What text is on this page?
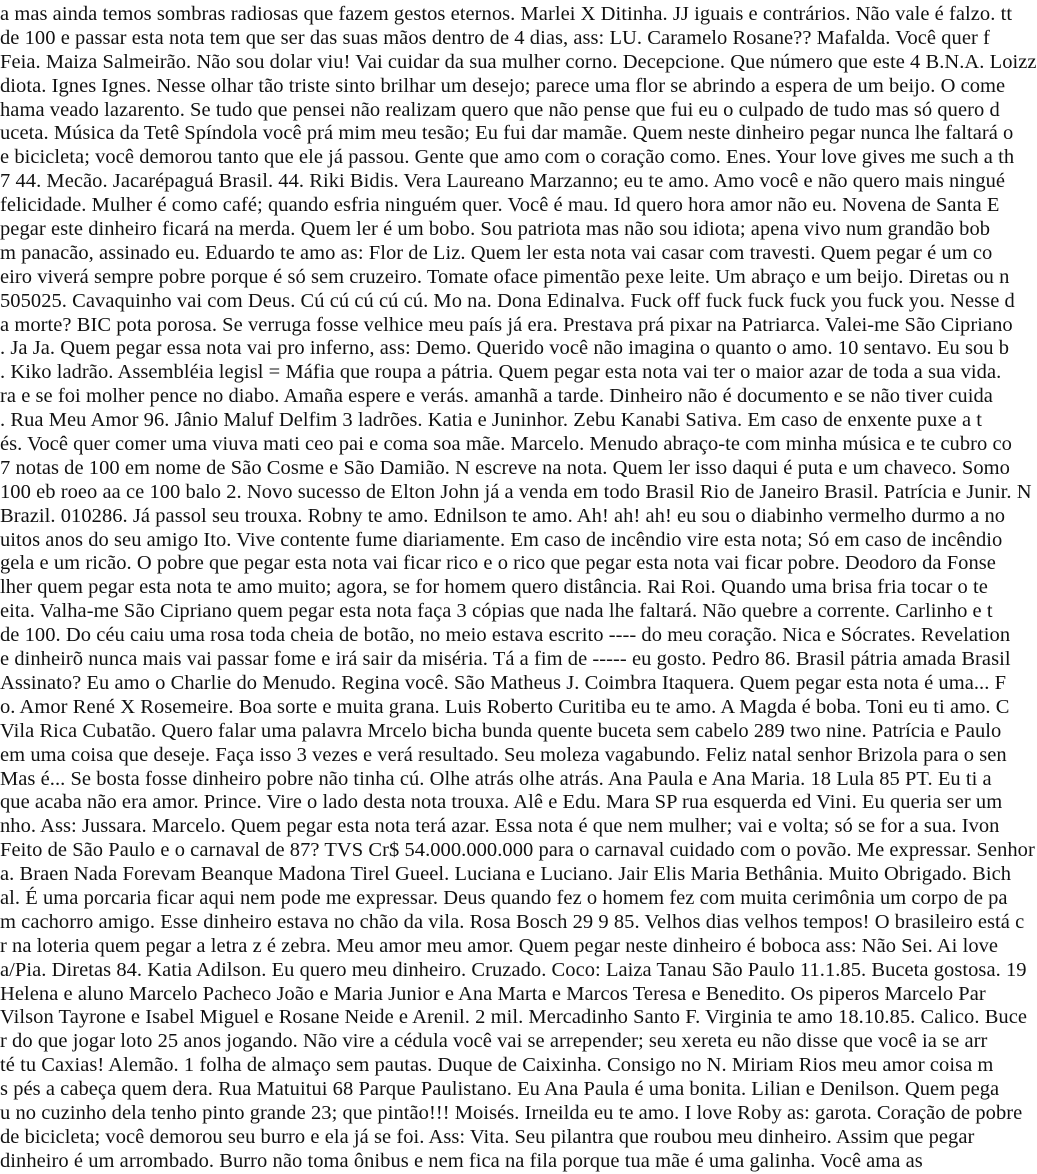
a mas ainda temos sombras radiosas que fazem gestos eternos. Marlei X Ditinha. JJ iguais e contrários. Não vale é falzo. tt
de 100 e passar esta nota tem que ser das suas mãos dentro de 4 dias, ass: LU. Caramelo Rosane?? Mafalda. Você quer f
Feia. Maiza Salmeirão. Não sou dolar viu! Vai cuidar da sua mulher corno. Decepcione. Que número que este 4 B.N.A. Loizz
diota. Ignes Ignes. Nesse olhar tão triste sinto brilhar um desejo; parece uma flor se abrindo a espera de um beijo. O come
hama veado lazarento. Se tudo que pensei não realizam quero que não pense que fui eu o culpado de tudo mas só quero d
uceta. Música da Tetê Spíndola você prá mim meu tesão; Eu fui dar mamãe. Quem neste dinheiro pegar nunca lhe faltará o
e bicicleta; você demorou tanto que ele já passou. Gente que amo com o coração como. Enes. Your love gives me such a th
7 44. Mecão. Jacarépaguá Brasil. 44. Riki Bidis. Vera Laureano Marzanno; eu te amo. Amo você e não quero mais ningué
felicidade. Mulher é como café; quando esfria ninguém quer. Você é mau. Id quero hora amor não eu. Novena de Santa E
pegar este dinheiro ficará na merda. Quem ler é um bobo. Sou patriota mas não sou idiota; apena vivo num grandão bob
m panacão, assinado eu. Eduardo te amo as: Flor de Liz. Quem ler esta nota vai casar com travesti. Quem pegar é um co
eiro viverá sempre pobre porque é só sem cruzeiro. Tomate oface pimentão pexe leite. Um abraço e um beijo. Diretas ou n
505025. Cavaquinho vai com Deus. Cú cú cú cú cú. Mo na. Dona Edinalva. Fuck off fuck fuck fuck you fuck you. Nesse d
a morte? BIC pota porosa. Se verruga fosse velhice meu país já era. Prestava prá pixar na Patriarca. Valei-me São Cipriano
. Ja Ja. Quem pegar essa nota vai pro inferno, ass: Demo. Querido você não imagina o quanto o amo. 10 sentavo. Eu sou b
. Kiko ladrão. Assembléia legisl = Máfia que roupa a pátria. Quem pegar esta nota vai ter o maior azar de toda a sua vida.
ra e se foi molher pence no diabo. Amaña espere e verás. amanhã a tarde. Dinheiro não é documento e se não tiver cuida
. Rua Meu Amor 96. Jânio Maluf Delfim 3 ladrões. Katia e Juninhor. Zebu Kanabi Sativa. Em caso de enxente puxe a t
és. Você quer comer uma viuva mati ceo pai e coma soa mãe. Marcelo. Menudo abraço-te com minha música e te cubro co
7 notas de 100 em nome de São Cosme e São Damião. N escreve na nota. Quem ler isso daqui é puta e um chaveco. Somo
100 eb roeo aa ce 100 balo 2. Novo sucesso de Elton John já a venda em todo Brasil Rio de Janeiro Brasil. Patrícia e Junir. N
Brazil. 010286. Já passol seu trouxa. Robny te amo. Ednilson te amo. Ah! ah! ah! eu sou o diabinho vermelho durmo a no
uitos anos do seu amigo Ito. Vive contente fume diariamente. Em caso de incêndio vire esta nota; Só em caso de incêndio
gela e um ricão. O pobre que pegar esta nota vai ficar rico e o rico que pegar esta nota vai ficar pobre. Deodoro da Fonse
lher quem pegar esta nota te amo muito; agora, se for homem quero distância. Rai Roi. Quando uma brisa fria tocar o te
eita. Valha-me São Cipriano quem pegar esta nota faça 3 cópias que nada lhe faltará. Não quebre a corrente. Carlinho e t
de 100. Do céu caiu uma rosa toda cheia de botão, no meio estava escrito ---- do meu coração. Nica e Sócrates. Revelation
e dinheirõ nunca mais vai passar fome e irá sair da miséria. Tá a fim de ----- eu gosto. Pedro 86. Brasil pátria amada Brasil
Assinato? Eu amo o Charlie do Menudo. Regina você. São Matheus J. Coimbra Itaquera. Quem pegar esta nota é uma... F
o. Amor René X Rosemeire. Boa sorte e muita grana. Luis Roberto Curitiba eu te amo. A Magda é boba. Toni eu ti amo. C
Vila Rica Cubatão. Quero falar uma palavra Mrcelo bicha bunda quente buceta sem cabelo 289 two nine. Patrícia e Paulo
em uma coisa que deseje. Faça isso 3 vezes e verá resultado. Seu moleza vagabundo. Feliz natal senhor Brizola para o sen
Mas é... Se bosta fosse dinheiro pobre não tinha cú. Olhe atrás olhe atrás. Ana Paula e Ana Maria. 18 Lula 85 PT. Eu ti a
que acaba não era amor. Prince. Vire o lado desta nota trouxa. Alê e Edu. Mara SP rua esquerda ed Vini. Eu queria ser um
nho. Ass: Jussara. Marcelo. Quem pegar esta nota terá azar. Essa nota é que nem mulher; vai e volta; só se for a sua. Ivon
Feito de São Paulo e o carnaval de 87? TVS Cr$ 54.000.000.000 para o carnaval cuidado com o povão. Me expressar. Senhor
a. Braen Nada Forevam Beanque Madona Tirel Gueel. Luciana e Luciano. Jair Elis Maria Bethânia. Muito Obrigado. Bich
al. É uma porcaria ficar aqui nem pode me expressar. Deus quando fez o homem fez com muita cerimônia um corpo de pa
m cachorro amigo. Esse dinheiro estava no chão da vila. Rosa Bosch 29 9 85. Velhos dias velhos tempos! O brasileiro está c
r na loteria quem pegar a letra z é zebra. Meu amor meu amor. Quem pegar neste dinheiro é boboca ass: Não Sei. Ai love
a/Pia. Diretas 84. Katia Adilson. Eu quero meu dinheiro. Cruzado. Coco: Laiza Tanau São Paulo 11.1.85. Buceta gostosa. 19
Helena e aluno Marcelo Pacheco João e Maria Junior e Ana Marta e Marcos Teresa e Benedito. Os piperos Marcelo Par
Vilson Tayrone e Isabel Miguel e Rosane Neide e Arenil. 2 mil. Mercadinho Santo F. Virginia te amo 18.10.85. Calico. Buce
r do que jogar loto 25 anos jogando. Não vire a cédula você vai se arrepender; seu xereta eu não disse que você ia se arr
té tu Caxias! Alemão. 1 folha de almaço sem pautas. Duque de Caixinha. Consigo no N. Miriam Rios meu amor coisa m
s pés a cabeça quem dera. Rua Matuitui 68 Parque Paulistano. Eu Ana Paula é uma bonita. Lilian e Denilson. Quem pega
u no cuzinho dela tenho pinto grande 23; que pintão!!! Moisés. Irneilda eu te amo. I love Roby as: garota. Coração de pobre
de bicicleta; você demorou seu burro e ela já se foi. Ass: Vita. Seu pilantra que roubou meu dinheiro. Assim que pegar
dinheiro é um arrombado. Burro não toma ônibus e nem fica na fila porque tua mãe é uma galinha. Você ama as
